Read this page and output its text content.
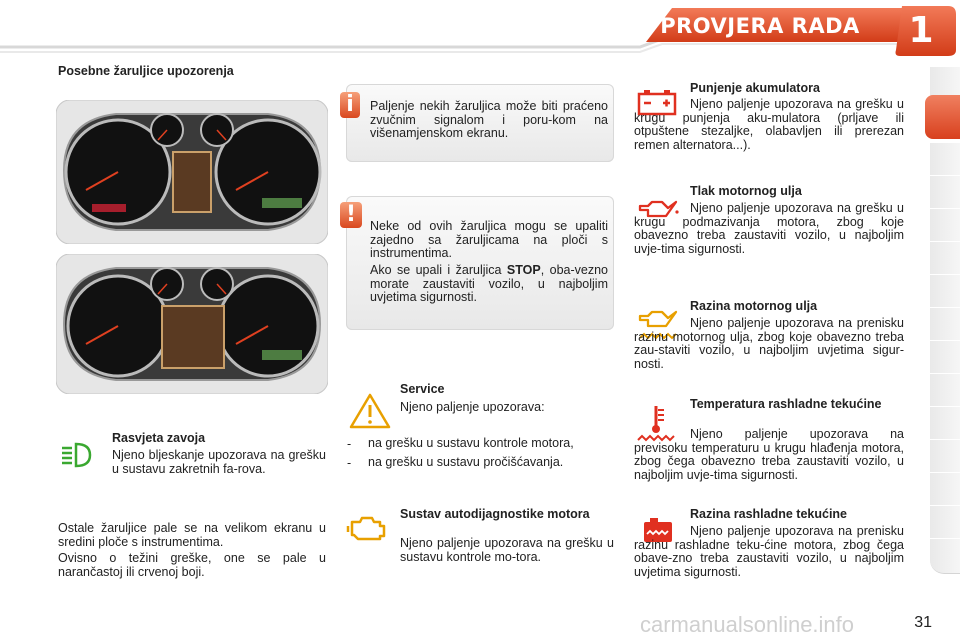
PROVJERA RADA	1
Posebne žaruljice upozorenja
Rasvjeta zavoja
Njeno bljeskanje upozorava na grešku u sustavu zakretnih fa-rova.
Ostale žaruljice pale se na velikom ekranu u sredini ploče s instrumentima.
Ovisno o težini greške, one se pale u narančastoj ili crvenoj boji.
i	Paljenje nekih žaruljica može biti praćeno zvučnim signalom i poru-kom na višenamjenskom ekranu.
!	Neke od ovih žaruljica mogu se upaliti zajedno sa žaruljicama na ploči s instrumentima.
Ako se upali i žaruljica STOP, oba-vezno morate zaustaviti vozilo, u najboljim uvjetima sigurnosti.
Service
Njeno paljenje upozorava:
- na grešku u sustavu kontrole motora,
- na grešku u sustavu pročišćavanja.
Sustav autodijagnostike motora
Njeno paljenje upozorava na grešku u sustavu kontrole mo-tora.
Punjenje akumulatora
Njeno paljenje upozorava na grešku u krugu punjenja aku-mulatora (prljave ili otpuštene stezaljke, olabavljen ili prerezan remen alternatora...).
Tlak motornog ulja
Njeno paljenje upozorava na grešku u krugu podmazivanja motora, zbog koje obavezno treba zaustaviti vozilo, u najboljim uvje-tima sigurnosti.
Razina motornog ulja
Njeno paljenje upozorava na prenisku razinu motornog ulja, zbog koje obavezno treba zau-staviti vozilo, u najboljim uvjetima sigur-nosti.
Temperatura rashladne tekućine
Njeno paljenje upozorava na previsoku temperaturu u krugu hlađenja motora, zbog čega obavezno treba zaustaviti vozilo, u najboljim uvje-tima sigurnosti.
Razina rashladne tekućine
Njeno paljenje upozorava na prenisku razinu rashladne teku-ćine motora, zbog čega obave-zno treba zaustaviti vozilo, u najboljim uvjetima sigurnosti.
carmanualsonline.info	31
